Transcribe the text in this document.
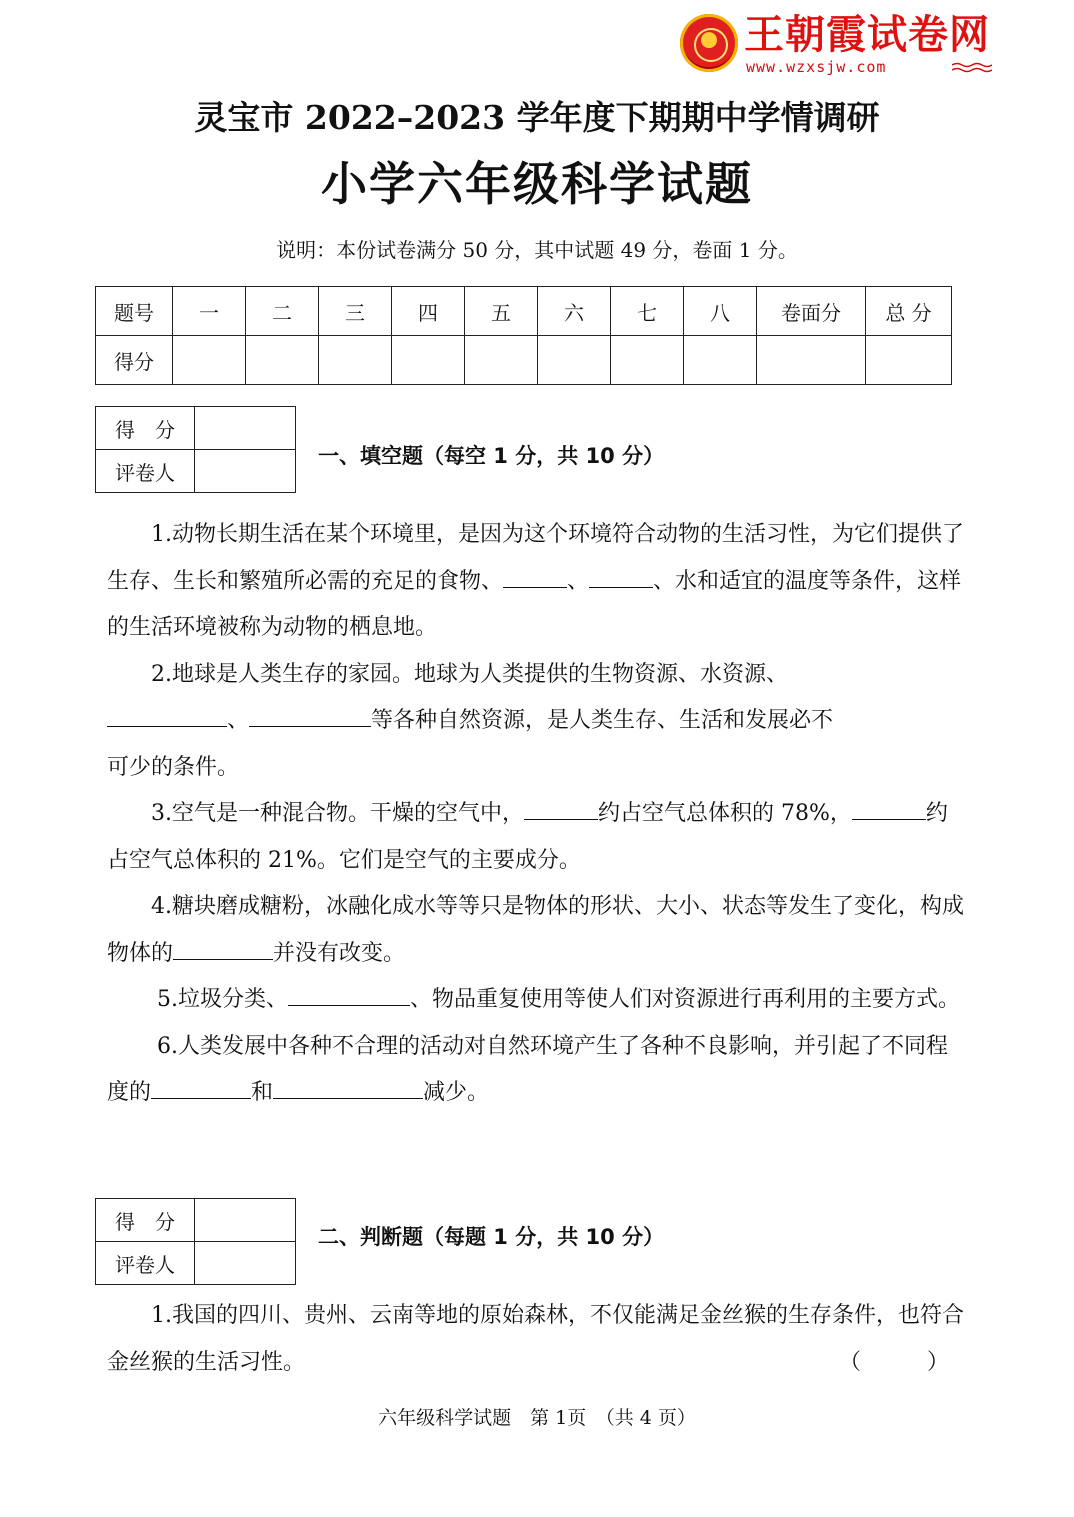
王朝霞试卷网
www.wzxsjw.com
灵宝市 2022–2023 学年度下期期中学情调研
小学六年级科学试题
说明：本份试卷满分 50 分，其中试题 49 分，卷面 1 分。
题号	一	二	三	四	五	六	七	八	卷面分	总 分
得分										
得　分	
评卷人	
一、填空题（每空 1 分，共 10 分）

1.动物长期生活在某个环境里，是因为这个环境符合动物的生活习性，为它们提供了生存、生长和繁殖所必需的充足的食物、	、	、水和适宜的温度等条件，这样的生活环境被称为动物的栖息地。

2.地球是人类生存的家园。地球为人类提供的生物资源、水资源、、	等各种自然资源，是人类生存、生活和发展必不可少的条件。

3.空气是一种混合物。干燥的空气中，	约占空气总体积的 78%，	约占空气总体积的 21%。它们是空气的主要成分。

4.糖块磨成糖粉，冰融化成水等等只是物体的形状、大小、状态等发生了变化，构成物体的	并没有改变。

5.垃圾分类、	、物品重复使用等使人们对资源进行再利用的主要方式。

6.人类发展中各种不合理的活动对自然环境产生了各种不良影响，并引起了不同程度的	和	减少。

得　分	
评卷人	
二、判断题（每题 1 分，共 10 分）

1.我国的四川、贵州、云南等地的原始森林，不仅能满足金丝猴的生存条件，也符合金丝猴的生活习性。	（　　　）

六年级科学试题　第 1页　（共 4 页）
